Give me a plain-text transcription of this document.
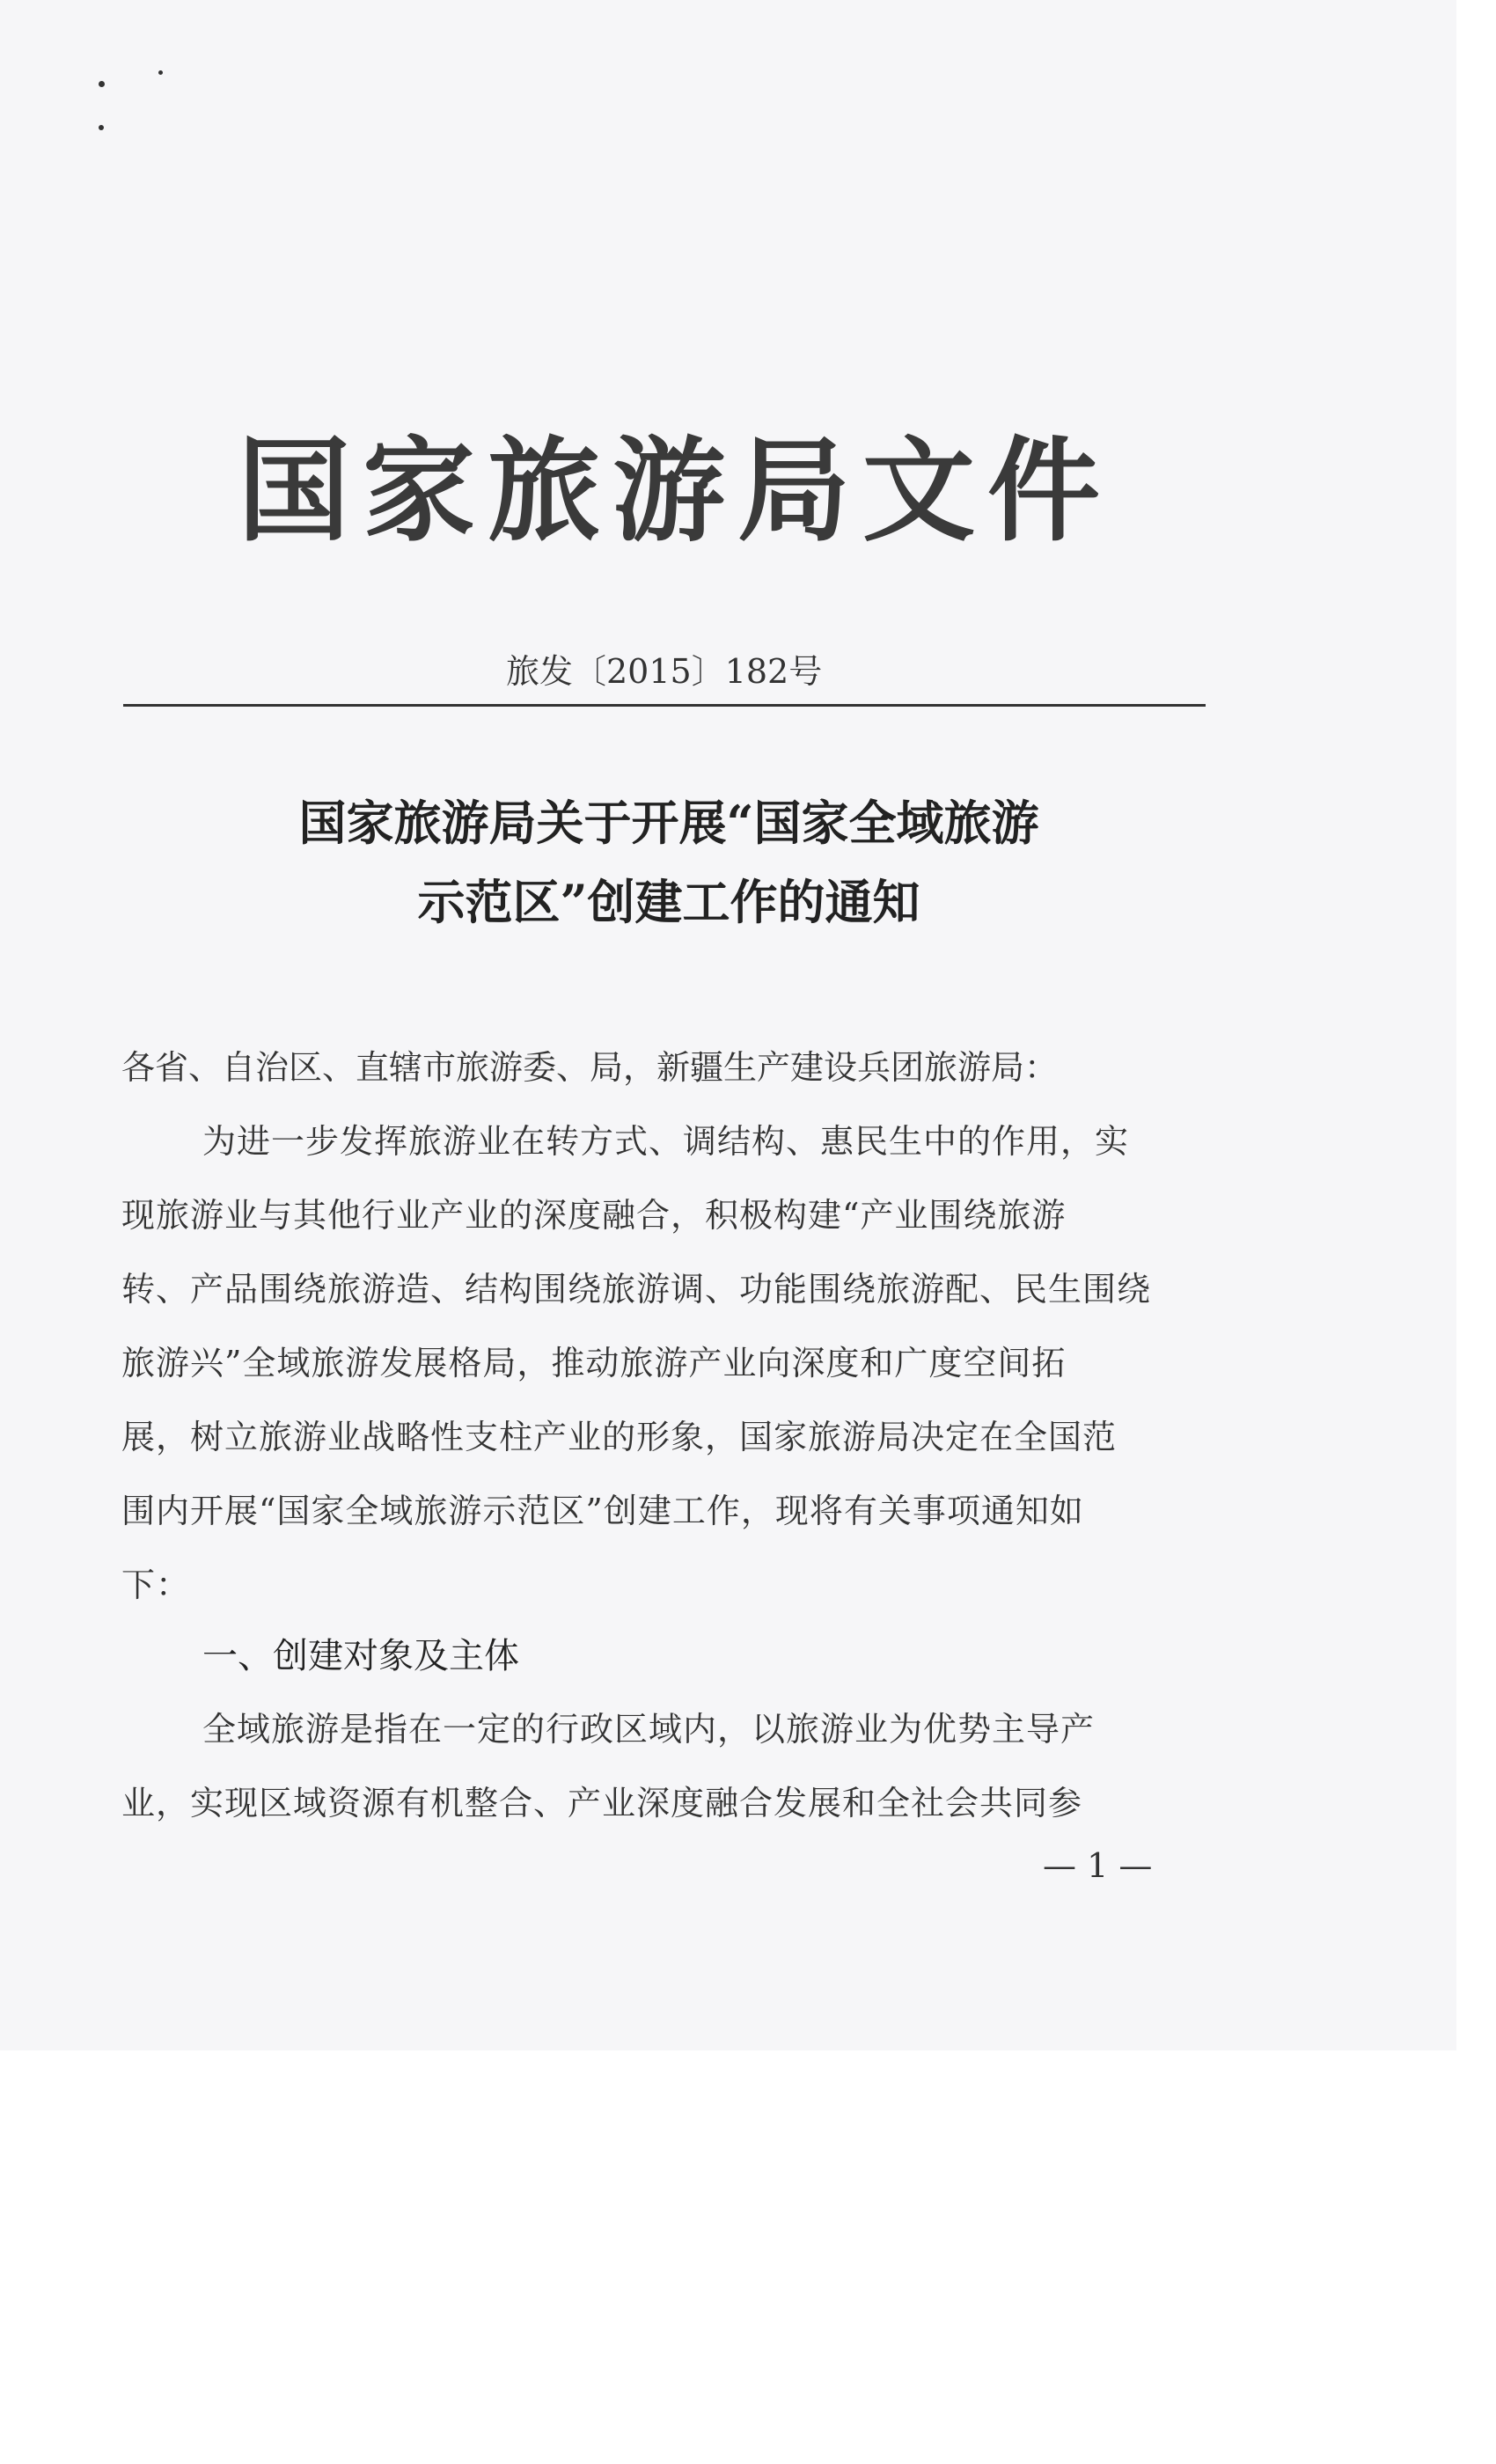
国家旅游局文件
旅发〔2015〕182号
国家旅游局关于开展“国家全域旅游
示范区”创建工作的通知
各省、自治区、直辖市旅游委、局，新疆生产建设兵团旅游局：
为进一步发挥旅游业在转方式、调结构、惠民生中的作用，实
现旅游业与其他行业产业的深度融合，积极构建“产业围绕旅游
转、产品围绕旅游造、结构围绕旅游调、功能围绕旅游配、民生围绕
旅游兴”全域旅游发展格局，推动旅游产业向深度和广度空间拓
展，树立旅游业战略性支柱产业的形象，国家旅游局决定在全国范
围内开展“国家全域旅游示范区”创建工作，现将有关事项通知如
下：
一、创建对象及主体
全域旅游是指在一定的行政区域内，以旅游业为优势主导产
业，实现区域资源有机整合、产业深度融合发展和全社会共同参
— 1 —
